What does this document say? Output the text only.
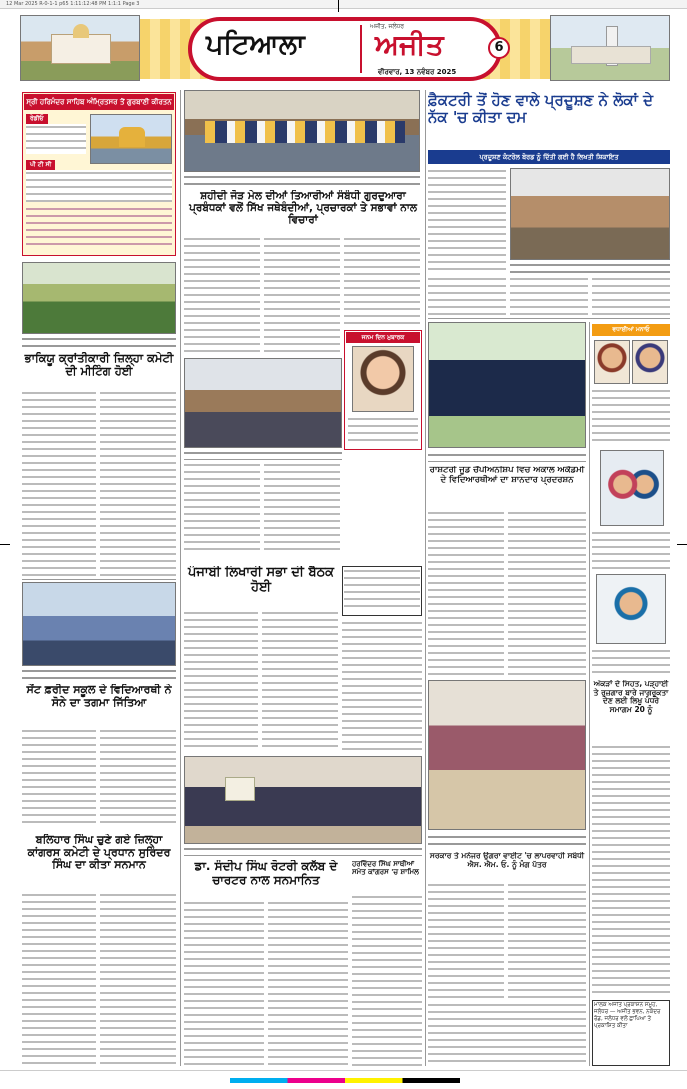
12 Mar 2025 R-0-1-1 p65 1:11:12:48 PM 1:1:1 Page 3
ਪਟਿਆਲਾ
ਅਜੀਤ, ਜਲੰਧਰ
ਅਜੀਤ
ਵੀਰਵਾਰ, 13 ਨਵੰਬਰ 2025
6
ਸ੍ਰੀ ਹਰਿਮੰਦਰ ਸਾਹਿਬ ਅੰਮ੍ਰਿਤਸਰ ਤੋਂ ਗੁਰਬਾਣੀ ਕੀਰਤਨ
ਰੇਡੀਓ
ਪੀ ਟੀ ਸੀ
ਸ਼ਹੀਦੀ ਜੋੜ ਮੇਲ ਦੀਆਂ ਤਿਆਰੀਆਂ ਸੰਬੰਧੀ ਗੁਰਦੁਆਰਾ ਪ੍ਰਬੰਧਕਾਂ ਵਲੋਂ ਸਿੱਖ ਜਥੇਬੰਦੀਆਂ, ਪ੍ਰਚਾਰਕਾਂ ਤੇ ਸਭਾਵਾਂ ਨਾਲ ਵਿਚਾਰਾਂ
ਫ਼ੈਕਟਰੀ ਤੋਂ ਹੋਣ ਵਾਲੇ ਪ੍ਰਦੂਸ਼ਣ ਨੇ ਲੋਕਾਂ ਦੇ ਨੱਕ 'ਚ ਕੀਤਾ ਦਮ
ਪ੍ਰਦੂਸ਼ਣ ਕੰਟਰੋਲ ਬੋਰਡ ਨੂੰ ਦਿੱਤੀ ਗਈ ਹੈ ਲਿਖਤੀ ਸ਼ਿਕਾਇਤ
ਭਾਕਿਯੂ ਕ੍ਰਾਂਤੀਕਾਰੀ ਜ਼ਿਲ੍ਹਾ ਕਮੇਟੀ ਦੀ ਮੀਟਿੰਗ ਹੋਈ
ਜਨਮ ਦਿਨ ਮੁਬਾਰਕ
ਪੰਜਾਬੀ ਲਿਖਾਰੀ ਸਭਾ ਦੀ ਬੈਠਕ ਹੋਈ
ਸੇਂਟ ਫ਼ਰੀਦ ਸਕੂਲ ਦੇ ਵਿਦਿਆਰਥੀ ਨੇ ਸੋਨੇ ਦਾ ਤਗਮਾ ਜਿੱਤਿਆ
ਡਾ. ਸੰਦੀਪ ਸਿੰਘ ਰੋਟਰੀ ਕਲੱਬ ਦੇ ਚਾਰਟਰ ਨਾਲ ਸਨਮਾਨਿਤ
ਹਰਵਿੰਦਰ ਸਿੰਘ ਸਾਥੀਆਂ ਸਮੇਤ ਕਾਂਗਰਸ 'ਚ ਸ਼ਾਮਿਲ
ਬਲਿਹਾਰ ਸਿੰਘ ਚੁਣੇ ਗਏ ਜ਼ਿਲ੍ਹਾ ਕਾਂਗਰਸ ਕਮੇਟੀ ਦੇ ਪ੍ਰਧਾਨ ਸੁਰਿੰਦਰ ਸਿੰਘ ਦਾ ਕੀਤਾ ਸਨਮਾਨ
ਰਾਸ਼ਟਰੀ ਜੂਡੋ ਚੈਂਪੀਅਨਸ਼ਿਪ ਵਿਚ ਅਕਾਲ ਅਕੈਡਮੀ ਦੇ ਵਿਦਿਆਰਥੀਆਂ ਦਾ ਸ਼ਾਨਦਾਰ ਪ੍ਰਦਰਸ਼ਨ
ਵਧਾਈਆਂ ਮਨਾਓ
ਅੰਕੜਾਂ ਦੇ ਸਿਹਤ, ਪੜ੍ਹਾਈ ਤੇ ਰੁਜ਼ਗਾਰ ਬਾਰੇ ਜਾਗਰੂਕਤਾ ਦੇਣ ਲਈ ਲਿਖੂ ਪੰਧਰੇ ਸਮਾਗਮ 20 ਨੂੰ
ਸਰਕਾਰ ਤੇ ਮਨੇਜਰ ਉਗਰਾ ਵਾਈਟ 'ਚ ਲਾਪਰਵਾਹੀ ਸਬੰਧੀ ਐਸ. ਐਮ. ਓ. ਨੂੰ ਮੰਗ ਪੱਤਰ
ਮਾਲਕ ਅਜੀਤ ਪ੍ਰਕਾਸ਼ਨ ਸਮੂਹ, ਜਲੰਧਰ — ਅਜੀਤ ਭਵਨ, ਨਕੋਦਰ ਰੋਡ, ਜਲੰਧਰ ਵਲੋਂ ਛਾਪਿਆ ਤੇ ਪ੍ਰਕਾਸ਼ਿਤ ਕੀਤਾ
